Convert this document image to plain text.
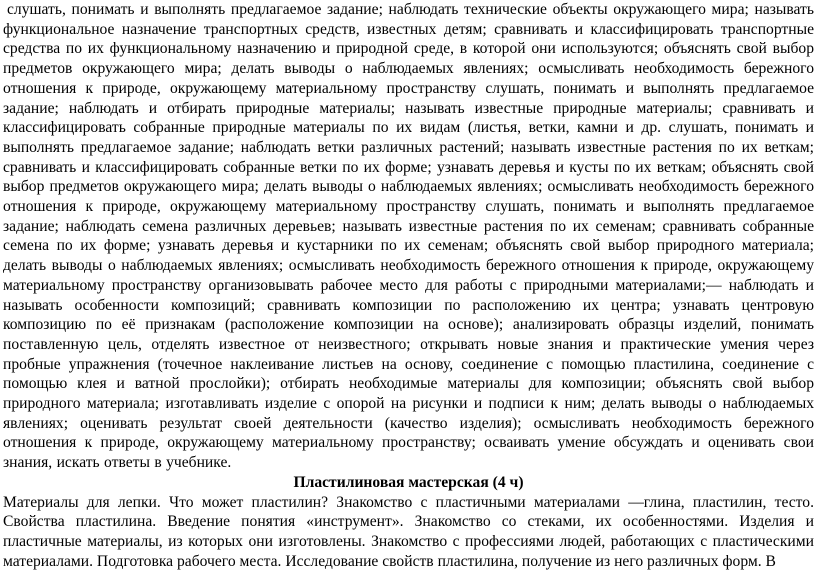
слушать, понимать и выполнять предлагаемое задание; наблюдать технические объекты окружающего мира; называть функциональное назначение транспортных средств, известных детям; сравнивать и классифицировать транспортные средства по их функциональному назначению и природной среде, в которой они используются; объяснять свой выбор предметов окружающего мира; делать выводы о наблюдаемых явлениях; осмысливать необходимость бережного отношения к природе, окружающему материальному пространству слушать, понимать и выполнять предлагаемое задание; наблюдать и отбирать природные материалы; называть известные природные материалы; сравнивать и классифицировать собранные природные материалы по их видам (листья, ветки, камни и др. слушать, понимать и выполнять предлагаемое задание; наблюдать ветки различных растений; называть известные растения по их веткам; сравнивать и классифицировать собранные ветки по их форме; узнавать деревья и кусты по их веткам; объяснять свой выбор предметов окружающего мира; делать выводы о наблюдаемых явлениях; осмысливать необходимость бережного отношения к природе, окружающему материальному пространству слушать, понимать и выполнять предлагаемое задание; наблюдать семена различных деревьев; называть известные растения по их семенам; сравнивать собранные семена по их форме; узнавать деревья и кустарники по их семенам; объяснять свой выбор природного материала; делать выводы о наблюдаемых явлениях; осмысливать необходимость бережного отношения к природе, окружающему материальному пространству организовывать рабочее место для работы с природными материалами;— наблюдать и называть особенности композиций; сравнивать композиции по расположению их центра; узнавать центровую композицию по её признакам (расположение композиции на основе); анализировать образцы изделий, понимать поставленную цель, отделять известное от неизвестного; открывать новые знания и практические умения через пробные упражнения (точечное наклеивание листьев на основу, соединение с помощью пластилина, соединение с помощью клея и ватной прослойки); отбирать необходимые материалы для композиции; объяснять свой выбор природного материала; изготавливать изделие с опорой на рисунки и подписи к ним; делать выводы о наблюдаемых явлениях; оценивать результат своей деятельности (качество изделия); осмысливать необходимость бережного отношения к природе, окружающему материальному пространству; осваивать умение обсуждать и оценивать свои знания, искать ответы в учебнике.

Пластилиновая мастерская (4 ч)

Материалы для лепки. Что может пластилин? Знакомство с пластичными материалами —глина, пластилин, тесто. Свойства пластилина. Введение понятия «инструмент». Знакомство со стеками, их особенностями. Изделия и пластичные материалы, из которых они изготовлены. Знакомство с профессиями людей, работающих с пластическими материалами. Подготовка рабочего места. Исследование свойств пластилина, получение из него различных форм. В
